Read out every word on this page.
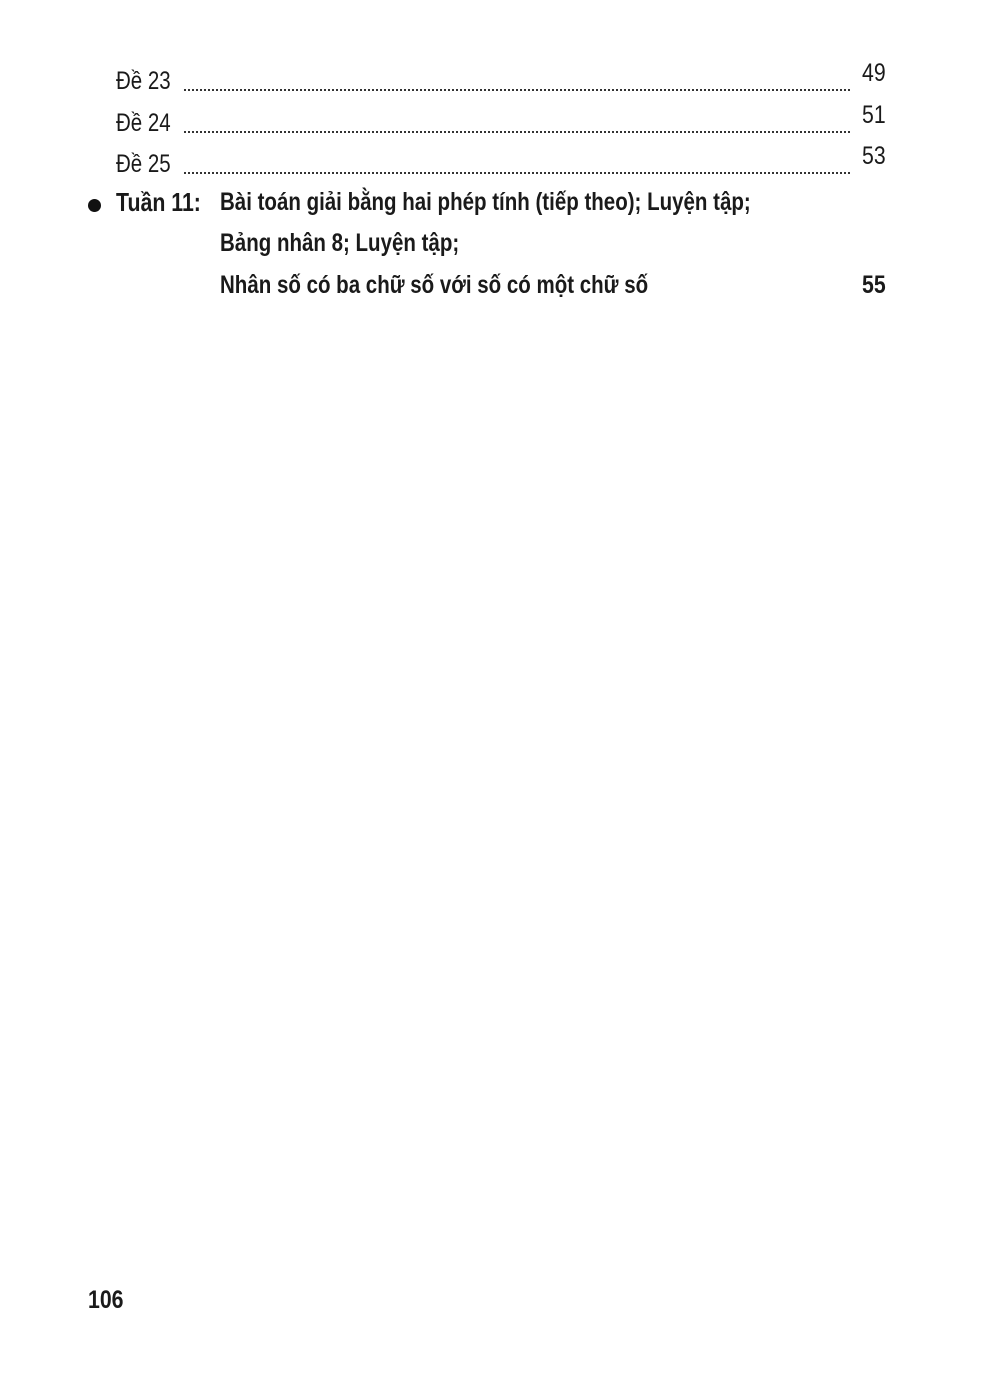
Đề 23	49
Đề 24	51
Đề 25	53
Tuần 11: Bài toán giải bằng hai phép tính (tiếp theo); Luyện tập;
Bảng nhân 8; Luyện tập;
Nhân số có ba chữ số với số có một chữ số	55
106
